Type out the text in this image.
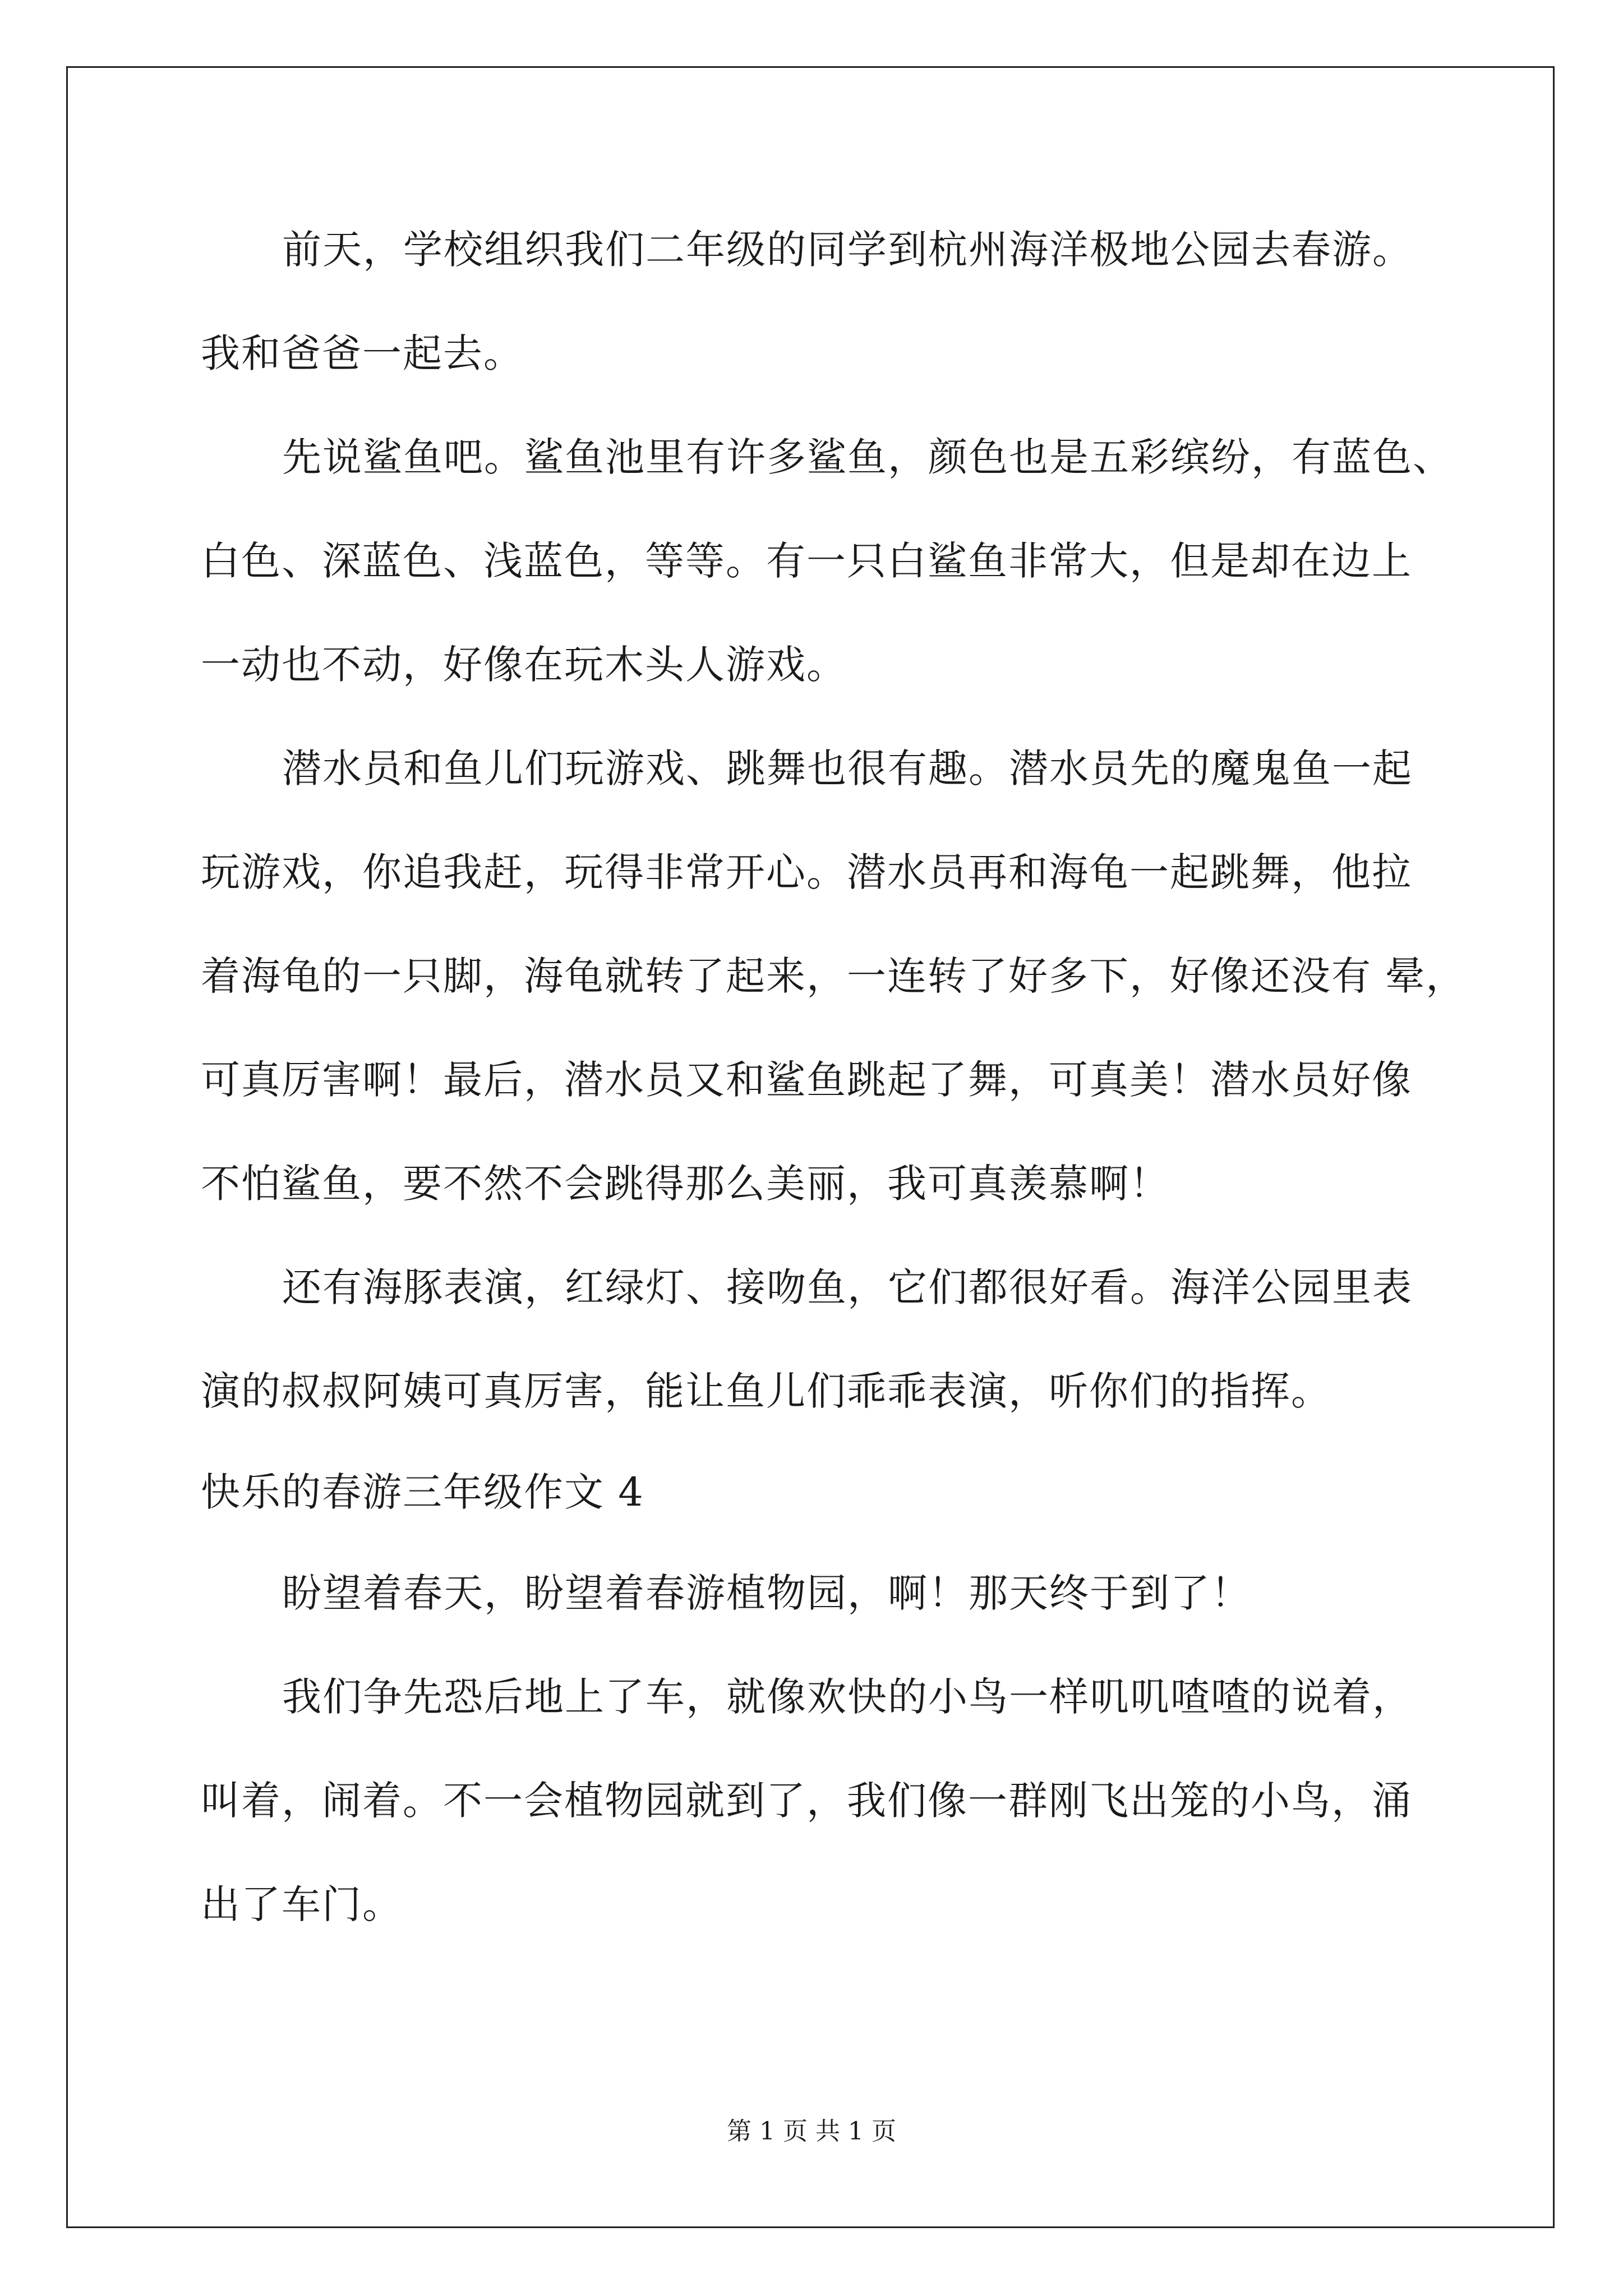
前天，学校组织我们二年级的同学到杭州海洋极地公园去春游。
我和爸爸一起去。
先说鲨鱼吧。鲨鱼池里有许多鲨鱼，颜色也是五彩缤纷，有蓝色、
白色、深蓝色、浅蓝色，等等。有一只白鲨鱼非常大，但是却在边上
一动也不动，好像在玩木头人游戏。
潜水员和鱼儿们玩游戏、跳舞也很有趣。潜水员先的魔鬼鱼一起
玩游戏，你追我赶，玩得非常开心。潜水员再和海龟一起跳舞，他拉
着海龟的一只脚，海龟就转了起来，一连转了好多下，好像还没有 晕，
可真厉害啊！最后，潜水员又和鲨鱼跳起了舞，可真美！潜水员好像
不怕鲨鱼，要不然不会跳得那么美丽，我可真羡慕啊！
还有海豚表演，红绿灯、接吻鱼，它们都很好看。海洋公园里表
演的叔叔阿姨可真厉害，能让鱼儿们乖乖表演，听你们的指挥。
快乐的春游三年级作文 4
盼望着春天，盼望着春游植物园，啊！那天终于到了！
我们争先恐后地上了车，就像欢快的小鸟一样叽叽喳喳的说着，
叫着，闹着。不一会植物园就到了，我们像一群刚飞出笼的小鸟，涌
出了车门。
第 1 页 共 1 页
